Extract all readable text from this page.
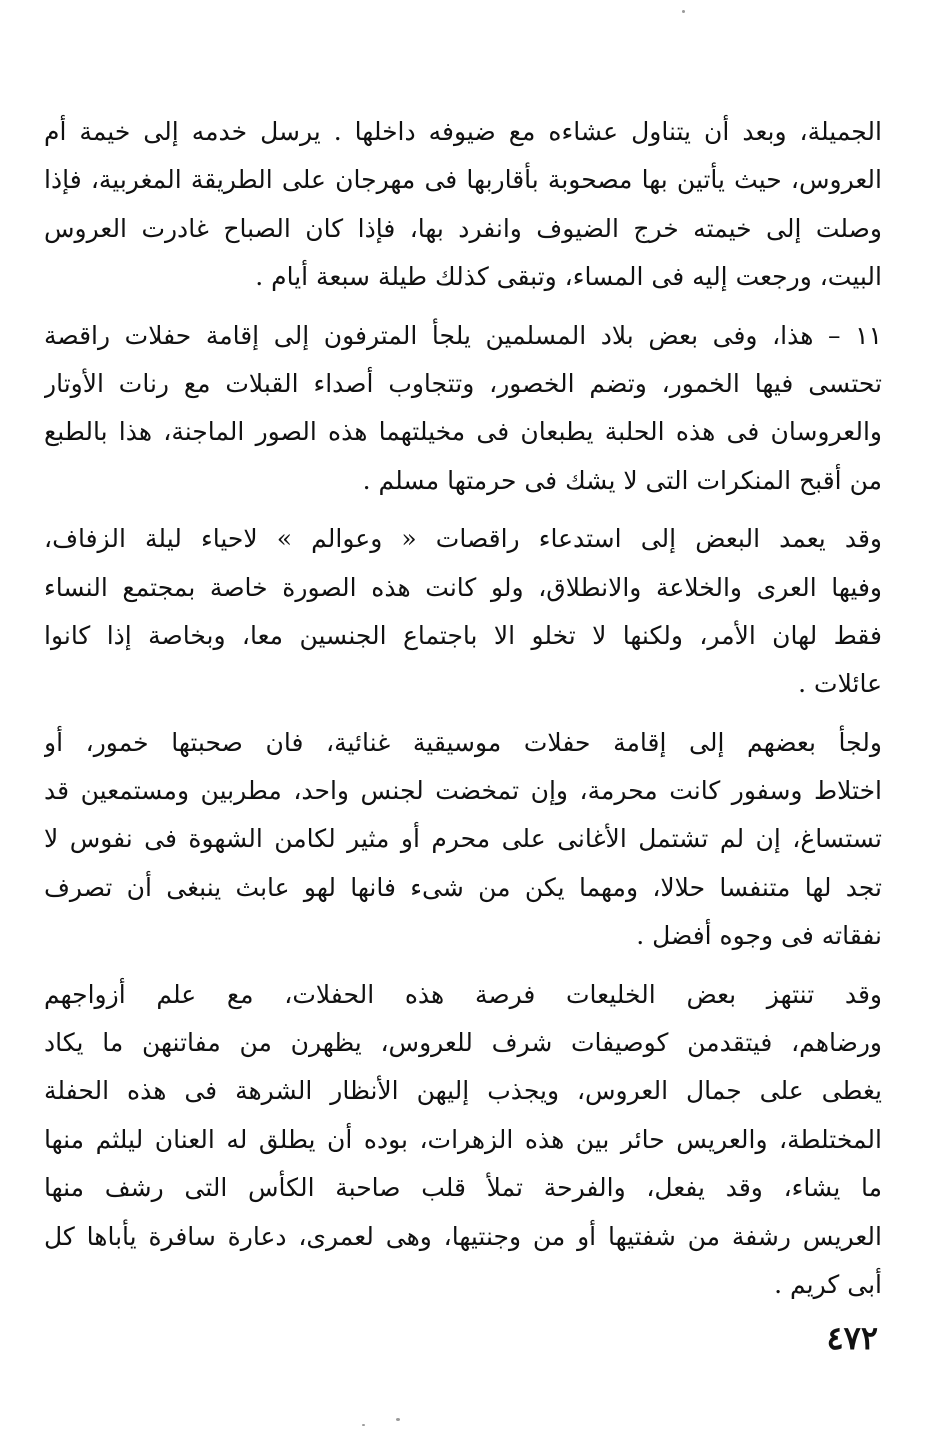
الجميلة، وبعد أن يتناول عشاءه مع ضيوفه داخلها . يرسل خدمه إلى خيمة أم
العروس، حيث يأتين بها مصحوبة بأقاربها فى مهرجان على الطريقة المغربية، فإذا
وصلت إلى خيمته خرج الضيوف وانفرد بها، فإذا كان الصباح غادرت العروس
البيت، ورجعت إليه فى المساء، وتبقى كذلك طيلة سبعة أيام .
١١ – هذا، وفى بعض بلاد المسلمين يلجأ المترفون إلى إقامة حفلات راقصة
تحتسى فيها الخمور، وتضم الخصور، وتتجاوب أصداء القبلات مع رنات الأوتار
والعروسان فى هذه الحلبة يطبعان فى مخيلتهما هذه الصور الماجنة، هذا بالطبع
من أقبح المنكرات التى لا يشك فى حرمتها مسلم .
وقد يعمد البعض إلى استدعاء راقصات « وعوالم » لاحياء ليلة الزفاف،
وفيها العرى والخلاعة والانطلاق، ولو كانت هذه الصورة خاصة بمجتمع النساء
فقط لهان الأمر، ولكنها لا تخلو الا باجتماع الجنسين معا، وبخاصة إذا كانوا
عائلات .
ولجأ بعضهم إلى إقامة حفلات موسيقية غنائية، فان صحبتها خمور، أو
اختلاط وسفور كانت محرمة، وإن تمخضت لجنس واحد، مطربين ومستمعين قد
تستساغ، إن لم تشتمل الأغانى على محرم أو مثير لكامن الشهوة فى نفوس لا
تجد لها متنفسا حلالا، ومهما يكن من شىء فانها لهو عابث ينبغى أن تصرف
نفقاته فى وجوه أفضل .
وقد تنتهز بعض الخليعات فرصة هذه الحفلات، مع علم أزواجهم
ورضاهم، فيتقدمن كوصيفات شرف للعروس، يظهرن من مفاتنهن ما يكاد
يغطى على جمال العروس، ويجذب إليهن الأنظار الشرهة فى هذه الحفلة
المختلطة، والعريس حائر بين هذه الزهرات، بوده أن يطلق له العنان ليلثم منها
ما يشاء، وقد يفعل، والفرحة تملأ قلب صاحبة الكأس التى رشف منها
العريس رشفة من شفتيها أو من وجنتيها، وهى لعمرى، دعارة سافرة يأباها كل
أبى كريم .
٤٧٢
